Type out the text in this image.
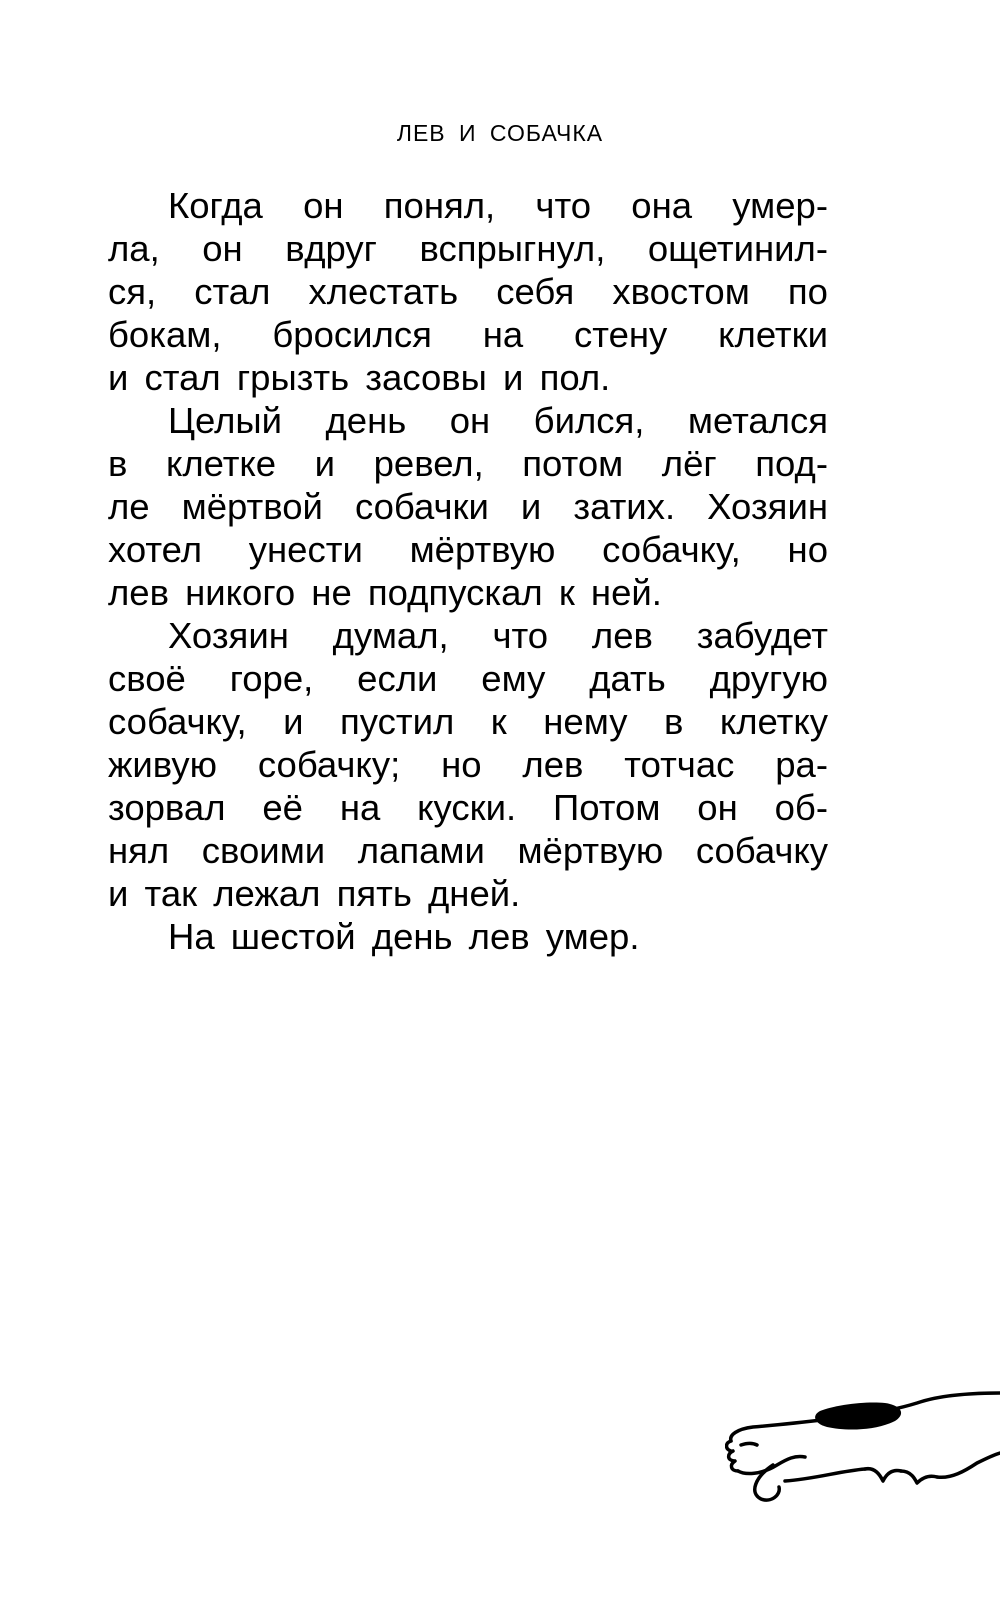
ЛЕВ И СОБАЧКА
Когда он понял, что она умер-
ла, он вдруг вспрыгнул, ощетинил-
ся, стал хлестать себя хвостом по
бокам, бросился на стену клетки
и стал грызть засовы и пол.
Целый день он бился, метался
в клетке и ревел, потом лёг под-
ле мёртвой собачки и затих. Хозяин
хотел унести мёртвую собачку, но
лев никого не подпускал к ней.
Хозяин думал, что лев забудет
своё горе, если ему дать другую
собачку, и пустил к нему в клетку
живую собачку; но лев тотчас ра-
зорвал её на куски. Потом он об-
нял своими лапами мёртвую собачку
и так лежал пять дней.
На шестой день лев умер.
